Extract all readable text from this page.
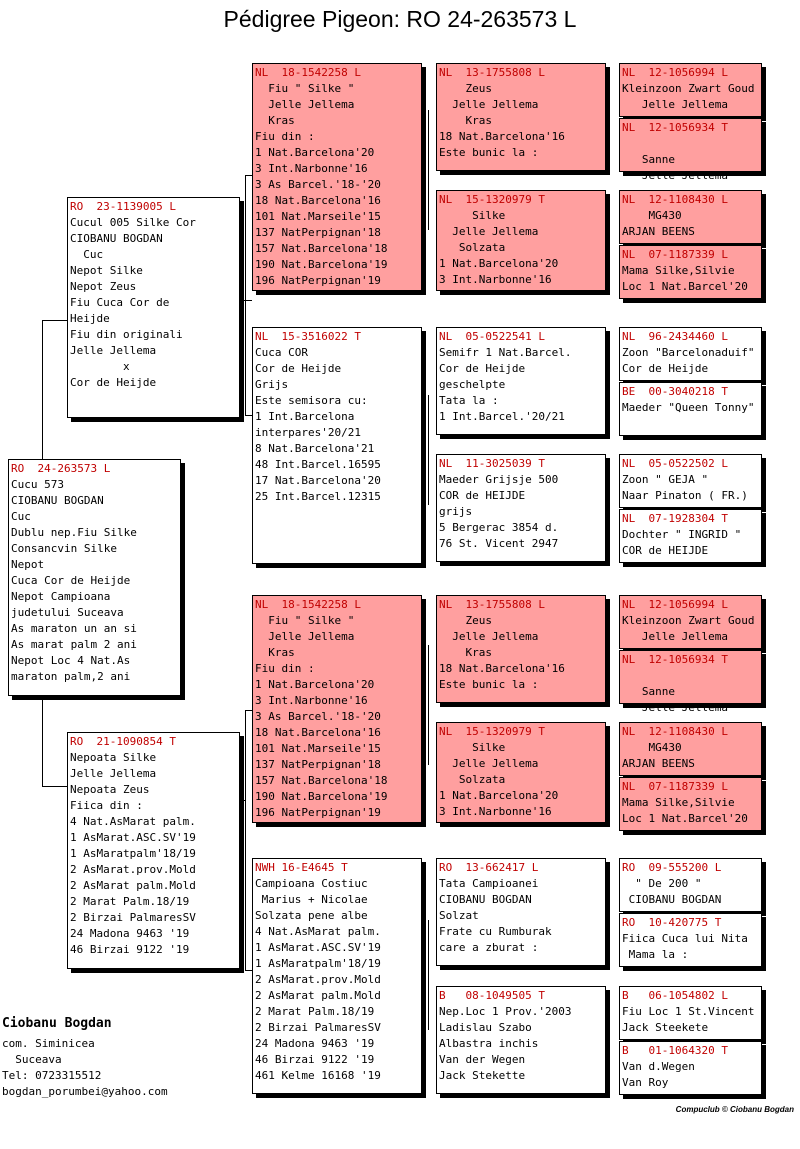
Pédigree Pigeon: RO 24-263573 L
RO  24-263573 L
Cucu 573
CIOBANU BOGDAN
Cuc
Dublu nep.Fiu Silke
Consancvin Silke
Nepot
Cuca Cor de Heijde
Nepot Campioana
judetului Suceava
As maraton un an si
As marat palm 2 ani
Nepot Loc 4 Nat.As
maraton palm,2 ani
RO  23-1139005 L
Cucul 005 Silke Cor
CIOBANU BOGDAN
Cuc
Nepot Silke
Nepot Zeus
Fiu Cuca Cor de
Heijde
Fiu din originali
Jelle Jellema
x
Cor de Heijde
RO  21-1090854 T
Nepoata Silke
Jelle Jellema
Nepoata Zeus
Fiica din :
4 Nat.AsMarat palm.
1 AsMarat.ASC.SV'19
1 AsMaratpalm'18/19
2 AsMarat.prov.Mold
2 AsMarat palm.Mold
2 Marat Palm.18/19
2 Birzai PalmaresSV
24 Madona 9463 '19
46 Birzai 9122 '19
NL  18-1542258 L
Fiu " Silke "
Jelle Jellema
Kras
Fiu din :
1 Nat.Barcelona'20
3 Int.Narbonne'16
3 As Barcel.'18-'20
18 Nat.Barcelona'16
101 Nat.Marseile'15
137 NatPerpignan'18
157 Nat.Barcelona'18
190 Nat.Barcelona'19
196 NatPerpignan'19
NL  15-3516022 T
Cuca COR
Cor de Heijde
Grijs
Este semisora cu:
1 Int.Barcelona
interpares'20/21
8 Nat.Barcelona'21
48 Int.Barcel.16595
17 Nat.Barcelona'20
25 Int.Barcel.12315
NL  18-1542258 L
Fiu " Silke "
Jelle Jellema
Kras
Fiu din :
1 Nat.Barcelona'20
3 Int.Narbonne'16
3 As Barcel.'18-'20
18 Nat.Barcelona'16
101 Nat.Marseile'15
137 NatPerpignan'18
157 Nat.Barcelona'18
190 Nat.Barcelona'19
196 NatPerpignan'19
NWH 16-E4645 T
Campioana Costiuc
Marius + Nicolae
Solzata pene albe
4 Nat.AsMarat palm.
1 AsMarat.ASC.SV'19
1 AsMaratpalm'18/19
2 AsMarat.prov.Mold
2 AsMarat palm.Mold
2 Marat Palm.18/19
2 Birzai PalmaresSV
24 Madona 9463 '19
46 Birzai 9122 '19
461 Kelme 16168 '19
NL  13-1755808 L
Zeus
Jelle Jellema
Kras
18 Nat.Barcelona'16
Este bunic la :
NL  15-1320979 T
Silke
Jelle Jellema
Solzata
1 Nat.Barcelona'20
3 Int.Narbonne'16
NL  05-0522541 L
Semifr 1 Nat.Barcel.
Cor de Heijde
geschelpte
Tata la :
1 Int.Barcel.'20/21
NL  11-3025039 T
Maeder Grijsje 500
COR de HEIJDE
grijs
5 Bergerac 3854 d.
76 St. Vicent 2947
NL  13-1755808 L
Zeus
Jelle Jellema
Kras
18 Nat.Barcelona'16
Este bunic la :
NL  15-1320979 T
Silke
Jelle Jellema
Solzata
1 Nat.Barcelona'20
3 Int.Narbonne'16
RO  13-662417 L
Tata Campioanei
CIOBANU BOGDAN
Solzat
Frate cu Rumburak
care a zburat :
B   08-1049505 T
Nep.Loc 1 Prov.'2003
Ladislau Szabo
Albastra inchis
Van der Wegen
Jack Stekette
NL  12-1056994 L
Kleinzoon Zwart Goud
Jelle Jellema
NL  12-1056934 T

Sanne
Jelle Jellema
NL  12-1108430 L
MG430
ARJAN BEENS
NL  07-1187339 L
Mama Silke,Silvie
Loc 1 Nat.Barcel'20
NL  96-2434460 L
Zoon "Barcelonaduif"
Cor de Heijde
BE  00-3040218 T
Maeder "Queen Tonny"
NL  05-0522502 L
Zoon " GEJA "
Naar Pinaton ( FR.)
NL  07-1928304 T
Dochter " INGRID "
COR de HEIJDE
NL  12-1056994 L
Kleinzoon Zwart Goud
Jelle Jellema
NL  12-1056934 T

Sanne
Jelle Jellema
NL  12-1108430 L
MG430
ARJAN BEENS
NL  07-1187339 L
Mama Silke,Silvie
Loc 1 Nat.Barcel'20
RO  09-555200 L
" De 200 "
CIOBANU BOGDAN
RO  10-420775 T
Fiica Cuca lui Nita
Mama la :
B   06-1054802 L
Fiu Loc 1 St.Vincent
Jack Steekete
B   01-1064320 T
Van d.Wegen
Van Roy
Ciobanu Bogdan
com. Siminicea
Suceava
Tel: 0723315512
bogdan_porumbei@yahoo.com
Compuclub © Ciobanu Bogdan
